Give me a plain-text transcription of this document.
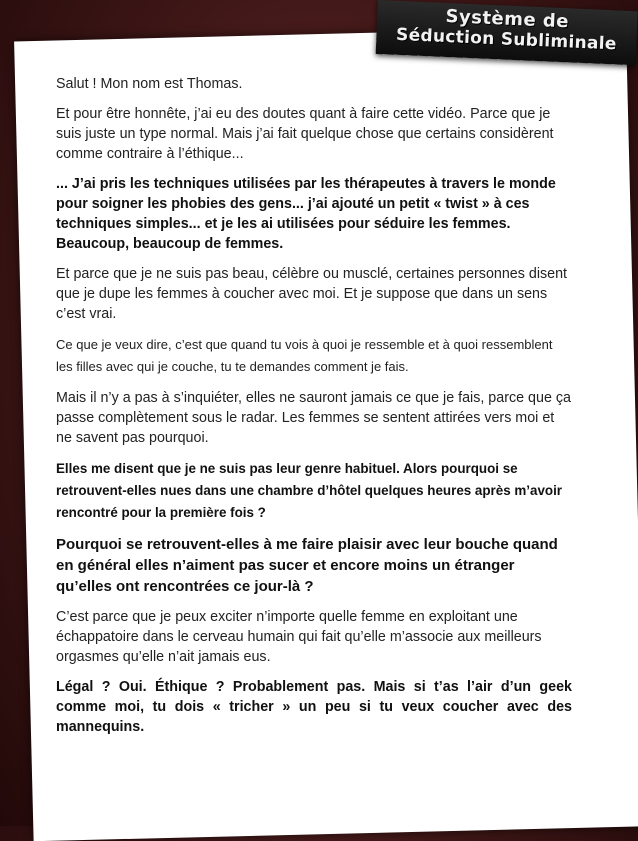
Système de
Séduction Subliminale

Salut ! Mon nom est Thomas.

Et pour être honnête, j’ai eu des doutes quant à faire cette vidéo. Parce que je suis juste un type normal. Mais j’ai fait quelque chose que certains considèrent comme contraire à l’éthique...

... J’ai pris les techniques utilisées par les thérapeutes à travers le monde pour soigner les phobies des gens... j’ai ajouté un petit « twist » à ces techniques simples... et je les ai utilisées pour séduire les femmes. Beaucoup, beaucoup de femmes.

Et parce que je ne suis pas beau, célèbre ou musclé, certaines personnes disent que je dupe les femmes à coucher avec moi. Et je suppose que dans un sens c’est vrai.

Ce que je veux dire, c’est que quand tu vois à quoi je ressemble et à quoi ressemblent les filles avec qui je couche, tu te demandes comment je fais.

Mais il n’y a pas à s’inquiéter, elles ne sauront jamais ce que je fais, parce que ça passe complètement sous le radar. Les femmes se sentent attirées vers moi et ne savent pas pourquoi.

Elles me disent que je ne suis pas leur genre habituel. Alors pourquoi se retrouvent-elles nues dans une chambre d’hôtel quelques heures après m’avoir rencontré pour la première fois ?

Pourquoi se retrouvent-elles à me faire plaisir avec leur bouche quand en général elles n’aiment pas sucer et encore moins un étranger qu’elles ont rencontrées ce jour-là ?

C’est parce que je peux exciter n’importe quelle femme en exploitant une échappatoire dans le cerveau humain qui fait qu’elle m’associe aux meilleurs orgasmes qu’elle n’ait jamais eus.

Légal ? Oui. Éthique ? Probablement pas. Mais si t’as l’air d’un geek comme moi, tu dois « tricher » un peu si tu veux coucher avec des mannequins.
